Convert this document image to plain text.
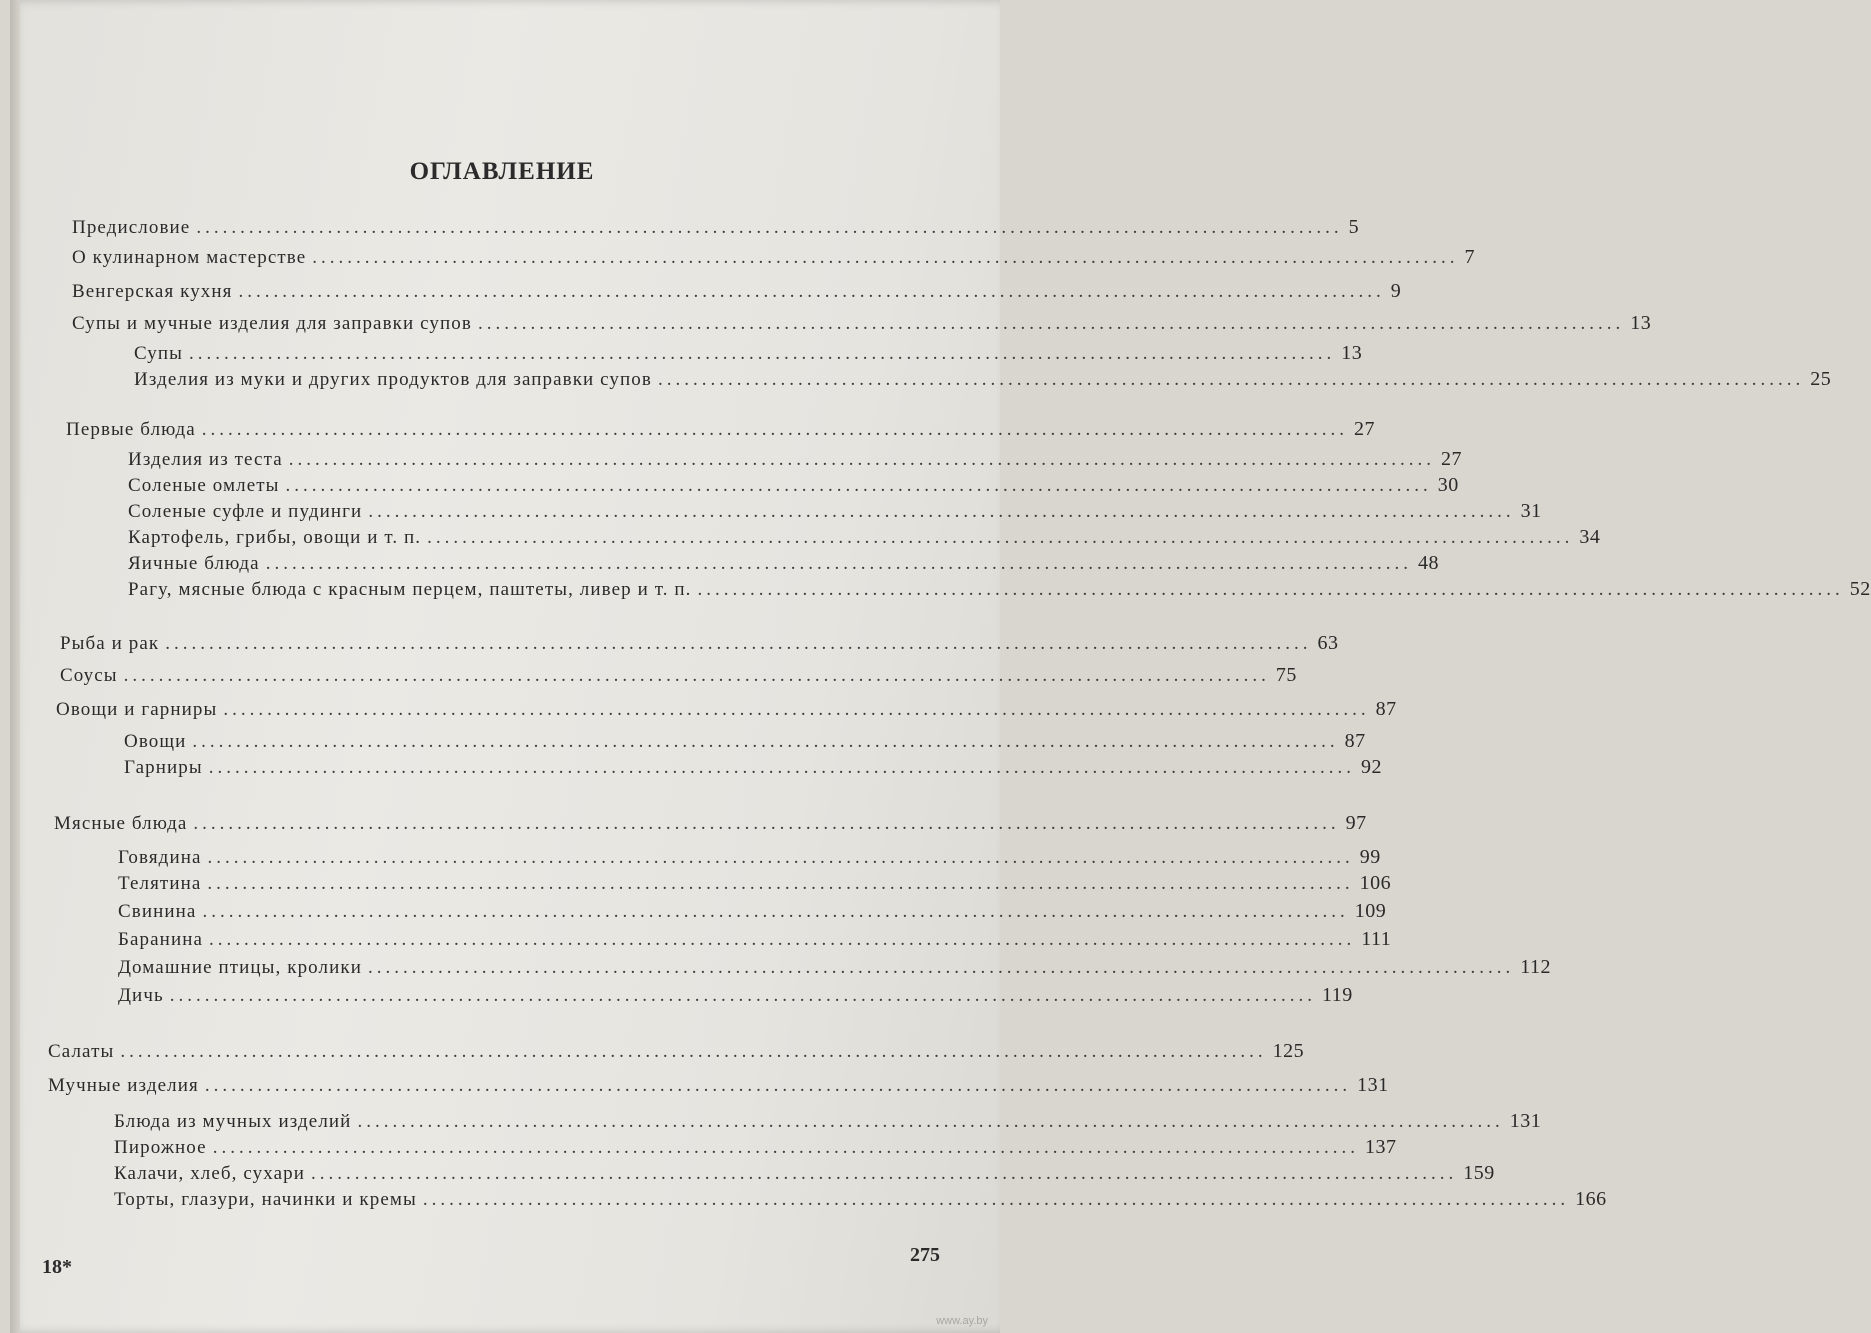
ОГЛАВЛЕНИЕ
Предисловие ................................................................................................................................... 5
О кулинарном мастерстве ................................................................................................................................... 7
Венгерская кухня ................................................................................................................................... 9
Супы и мучные изделия для заправки супов ................................................................................................................................... 13
Супы ................................................................................................................................... 13
Изделия из муки и других продуктов для заправки супов ................................................................................................................................... 25
Первые блюда ................................................................................................................................... 27
Изделия из теста ................................................................................................................................... 27
Соленые омлеты ................................................................................................................................... 30
Соленые суфле и пудинги ................................................................................................................................... 31
Картофель, грибы, овощи и т. п. ................................................................................................................................... 34
Яичные блюда ................................................................................................................................... 48
Рагу, мясные блюда с красным перцем, паштеты, ливер и т. п. ................................................................................................................................... 52
Рыба и рак ................................................................................................................................... 63
Соусы ................................................................................................................................... 75
Овощи и гарниры ................................................................................................................................... 87
Овощи ................................................................................................................................... 87
Гарниры ................................................................................................................................... 92
Мясные блюда ................................................................................................................................... 97
Говядина ................................................................................................................................... 99
Телятина ................................................................................................................................... 106
Свинина ................................................................................................................................... 109
Баранина ................................................................................................................................... 111
Домашние птицы, кролики ................................................................................................................................... 112
Дичь ................................................................................................................................... 119
Салаты ................................................................................................................................... 125
Мучные изделия ................................................................................................................................... 131
Блюда из мучных изделий ................................................................................................................................... 131
Пирожное ................................................................................................................................... 137
Калачи, хлеб, сухари ................................................................................................................................... 159
Торты, глазури, начинки и кремы ................................................................................................................................... 166
18*
275
www.ay.by
